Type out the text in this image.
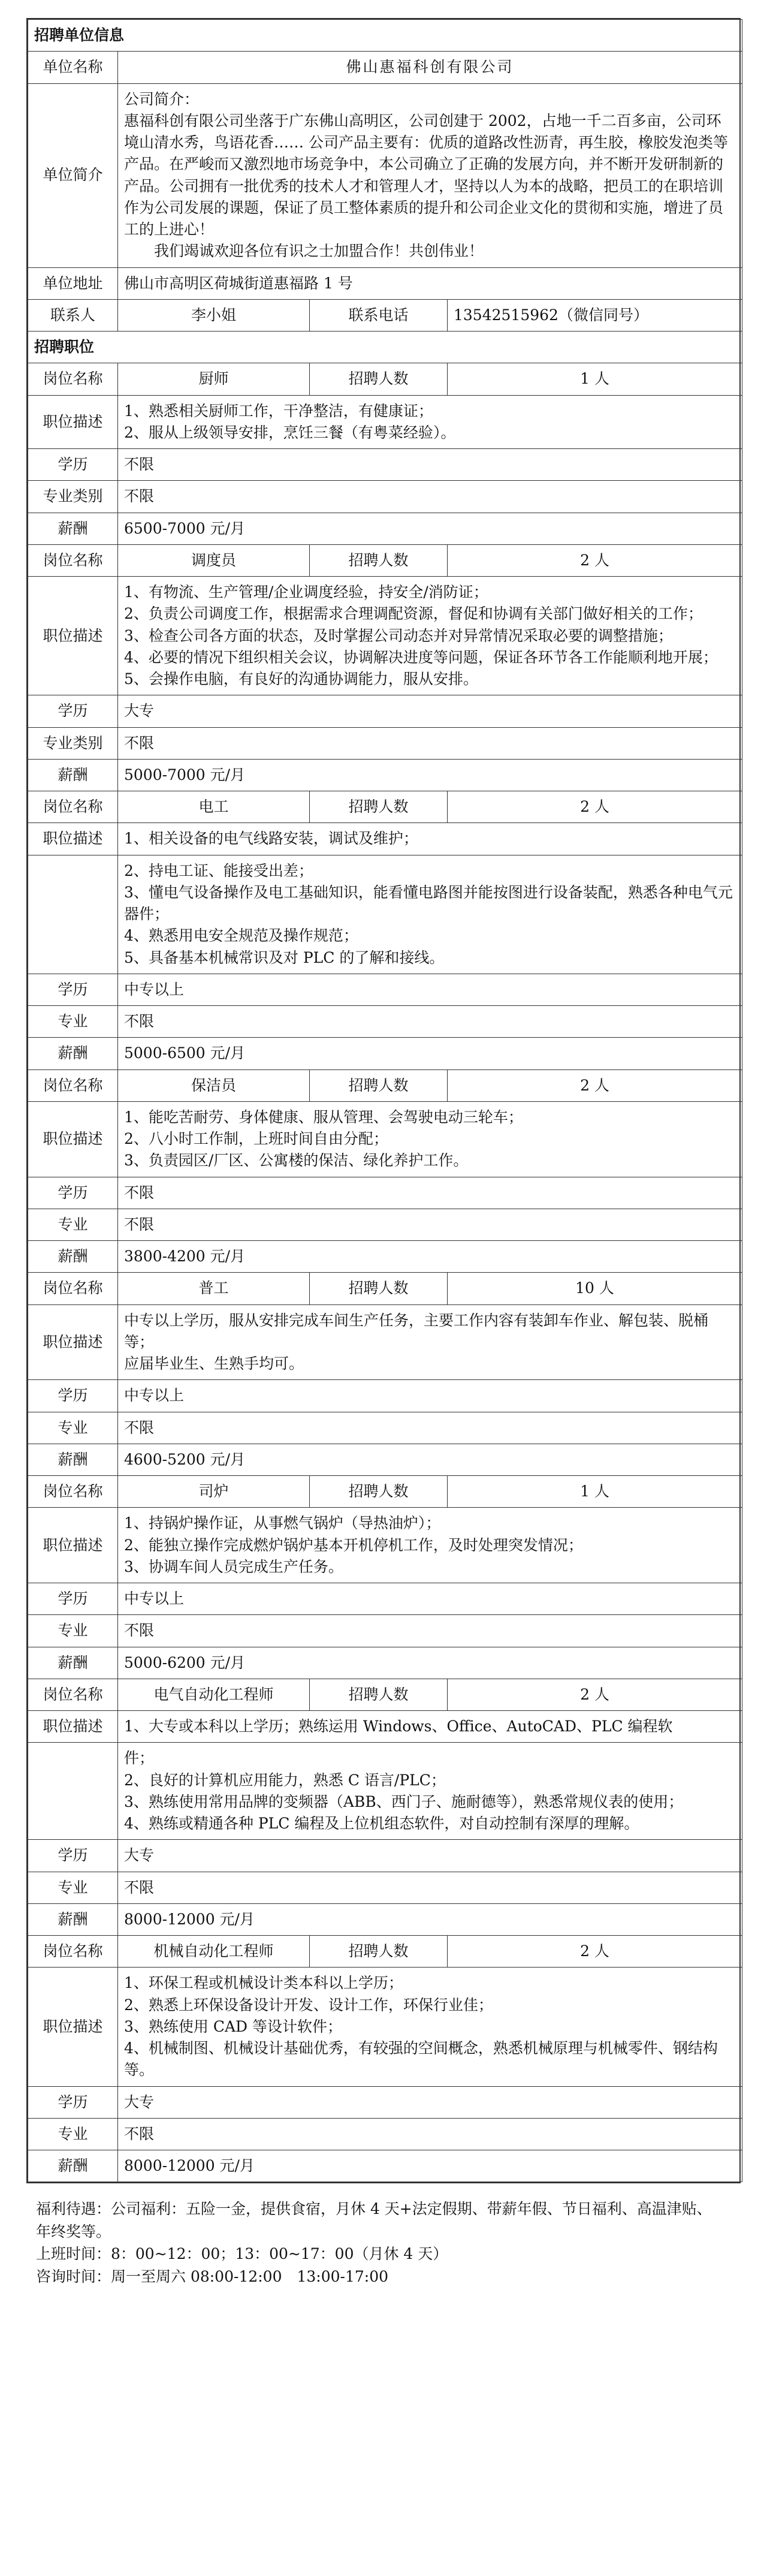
招聘单位信息			
单位名称	佛山惠福科创有限公司		
单位简介	公司简介：
惠福科创有限公司坐落于广东佛山高明区，公司创建于 2002，占地一千二百多亩，公司环境山清水秀，鸟语花香…… 公司产品主要有：优质的道路改性沥青，再生胶，橡胶发泡类等产品。在严峻而又激烈地市场竞争中，本公司确立了正确的发展方向，并不断开发研制新的产品。公司拥有一批优秀的技术人才和管理人才，坚持以人为本的战略，把员工的在职培训作为公司发展的课题，保证了员工整体素质的提升和公司企业文化的贯彻和实施，增进了员工的上进心！
我们竭诚欢迎各位有识之士加盟合作！共创伟业！		

单位地址	佛山市高明区荷城街道惠福路 1 号		
联系人	李小姐	联系电话	13542515962（微信同号）
招聘职位			
岗位名称	厨师	招聘人数	1 人
职位描述	1、熟悉相关厨师工作，干净整洁，有健康证；
2、服从上级领导安排，烹饪三餐（有粤菜经验）。		

学历	不限		
专业类别	不限		
薪酬	6500-7000 元/月		
岗位名称	调度员	招聘人数	2 人
职位描述	1、有物流、生产管理/企业调度经验，持安全/消防证；
2、负责公司调度工作，根据需求合理调配资源，督促和协调有关部门做好相关的工作；
3、检查公司各方面的状态，及时掌握公司动态并对异常情况采取必要的调整措施；
4、必要的情况下组织相关会议，协调解决进度等问题，保证各环节各工作能顺利地开展；
5、会操作电脑，有良好的沟通协调能力，服从安排。		

学历	大专		
专业类别	不限		
薪酬	5000-7000 元/月		
岗位名称	电工	招聘人数	2 人
职位描述	1、相关设备的电气线路安装，调试及维护；		

	2、持电工证、能接受出差；
3、懂电气设备操作及电工基础知识，能看懂电路图并能按图进行设备装配，熟悉各种电气元器件；
4、熟悉用电安全规范及操作规范；
5、具备基本机械常识及对 PLC 的了解和接线。		

学历	中专以上		
专业	不限		
薪酬	5000-6500 元/月		
岗位名称	保洁员	招聘人数	2 人
职位描述	1、能吃苦耐劳、身体健康、服从管理、会驾驶电动三轮车；
2、八小时工作制，上班时间自由分配；
3、负责园区/厂区、公寓楼的保洁、绿化养护工作。		

学历	不限		
专业	不限		
薪酬	3800-4200 元/月		
岗位名称	普工	招聘人数	10 人
职位描述	中专以上学历，服从安排完成车间生产任务，主要工作内容有装卸车作业、解包装、脱桶等；
应届毕业生、生熟手均可。		

学历	中专以上		
专业	不限		
薪酬	4600-5200 元/月		
岗位名称	司炉	招聘人数	1 人
职位描述	1、持锅炉操作证，从事燃气锅炉（导热油炉）；
2、能独立操作完成燃炉锅炉基本开机停机工作，及时处理突发情况；
3、协调车间人员完成生产任务。		

学历	中专以上		
专业	不限		
薪酬	5000-6200 元/月		
岗位名称	电气自动化工程师	招聘人数	2 人
职位描述	1、大专或本科以上学历；熟练运用 Windows、Office、AutoCAD、PLC 编程软		

	件；
2、良好的计算机应用能力，熟悉 C 语言/PLC；
3、熟练使用常用品牌的变频器（ABB、西门子、施耐德等），熟悉常规仪表的使用；
4、熟练或精通各种 PLC 编程及上位机组态软件，对自动控制有深厚的理解。		

学历	大专		
专业	不限		
薪酬	8000-12000 元/月		
岗位名称	机械自动化工程师	招聘人数	2 人
职位描述	1、环保工程或机械设计类本科以上学历；
2、熟悉上环保设备设计开发、设计工作，环保行业佳；
3、熟练使用 CAD 等设计软件；
4、机械制图、机械设计基础优秀，有较强的空间概念，熟悉机械原理与机械零件、钢结构等。		

学历	大专		
专业	不限		
薪酬	8000-12000 元/月		
福利待遇：公司福利：五险一金，提供食宿，月休 4 天+法定假期、带薪年假、节日福利、高温津贴、年终奖等。
上班时间：8：00~12：00；13：00~17：00（月休 4 天）
咨询时间：周一至周六 08:00-12:00　13:00-17:00
